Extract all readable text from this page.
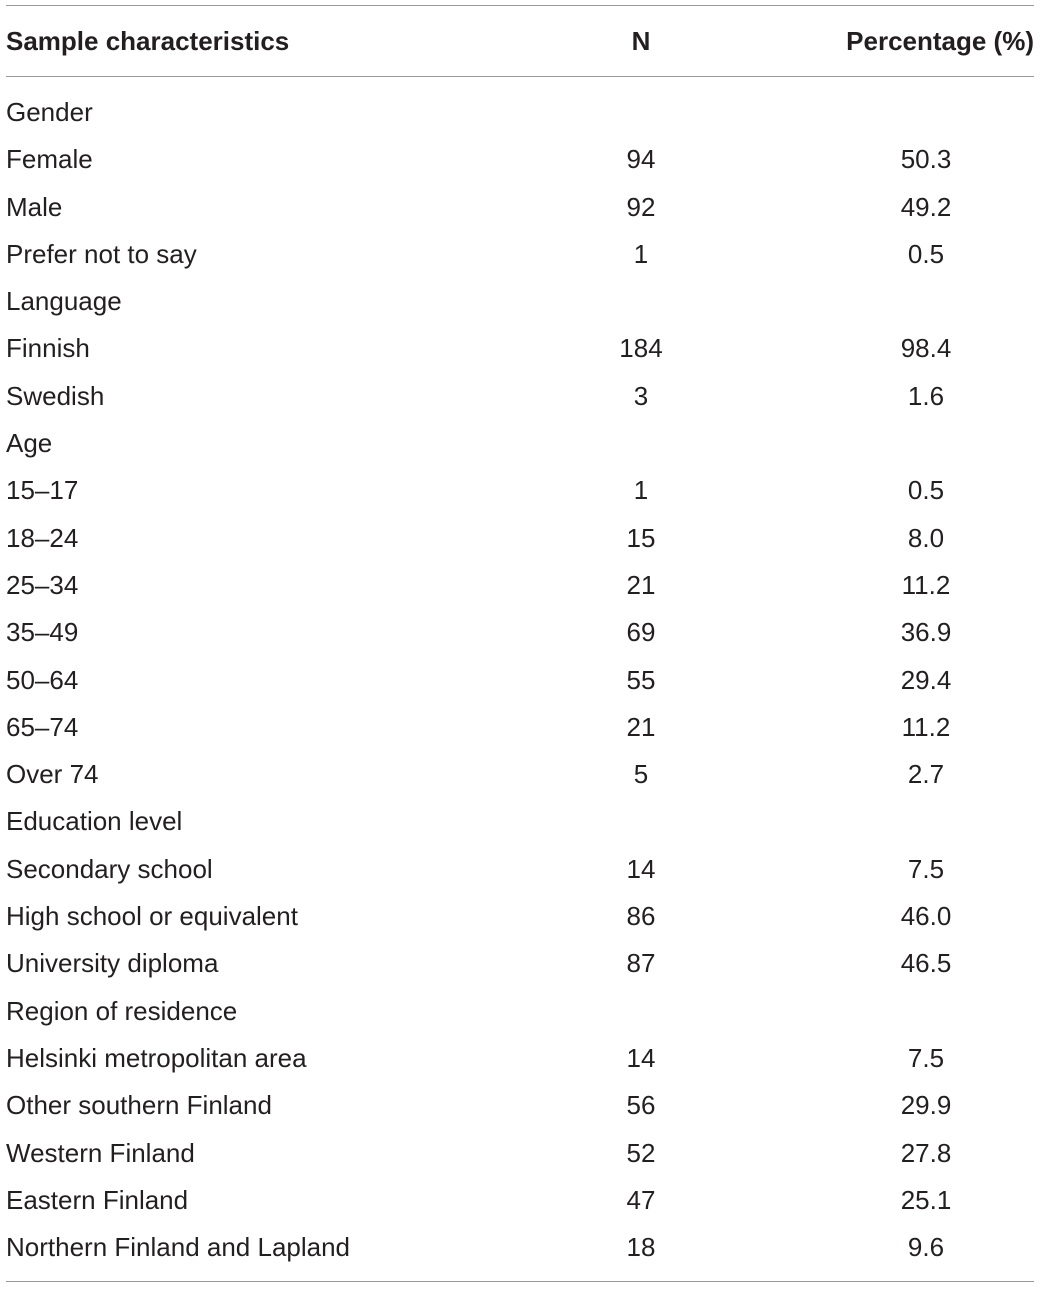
Sample characteristics	N	Percentage (%)
Gender
Female	94	50.3
Male	92	49.2
Prefer not to say	1	0.5
Language
Finnish	184	98.4
Swedish	3	1.6
Age
15–17	1	0.5
18–24	15	8.0
25–34	21	11.2
35–49	69	36.9
50–64	55	29.4
65–74	21	11.2
Over 74	5	2.7
Education level
Secondary school	14	7.5
High school or equivalent	86	46.0
University diploma	87	46.5
Region of residence
Helsinki metropolitan area	14	7.5
Other southern Finland	56	29.9
Western Finland	52	27.8
Eastern Finland	47	25.1
Northern Finland and Lapland	18	9.6
